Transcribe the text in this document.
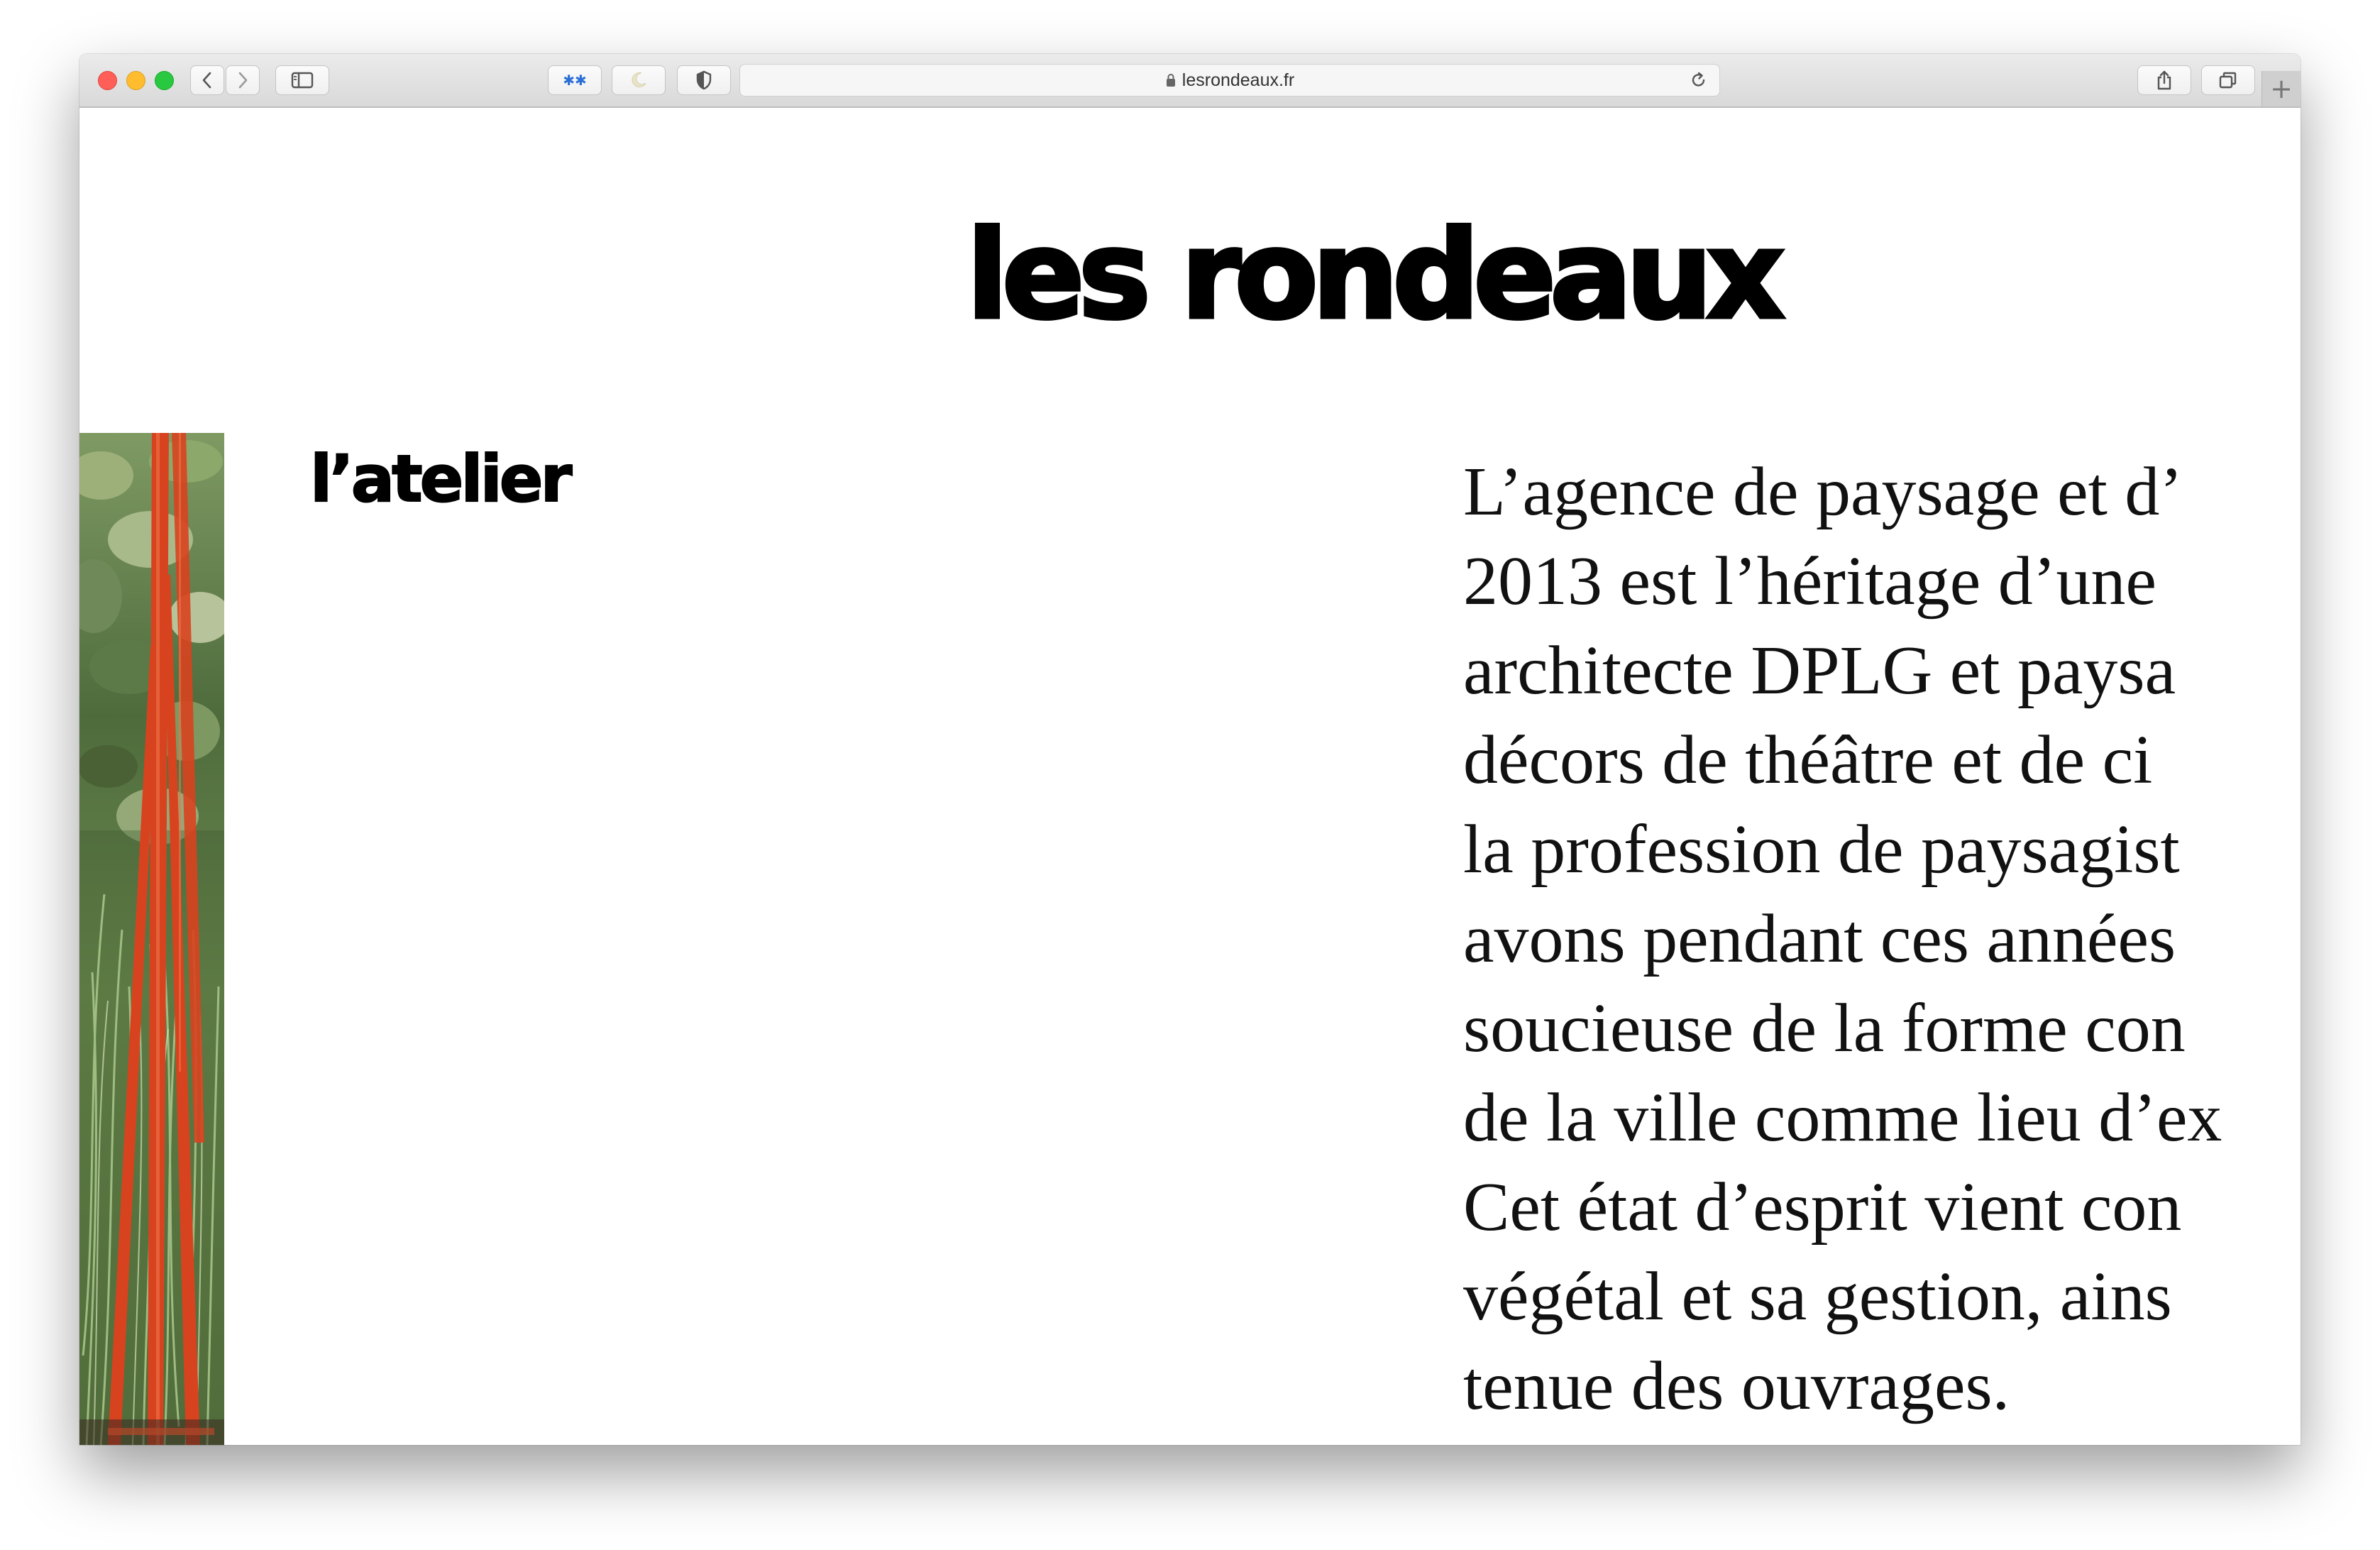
✱✱	lesrondeaux.fr	+
les rondeaux
l’atelier	L’agence de paysage et d’
2013 est l’héritage d’une
architecte DPLG et paysa
décors de théâtre et de ci
la profession de paysagist
avons pendant ces années
soucieuse de la forme con
de la ville comme lieu d’ex
Cet état d’esprit vient con
végétal et sa gestion, ains
tenue des ouvrages.
